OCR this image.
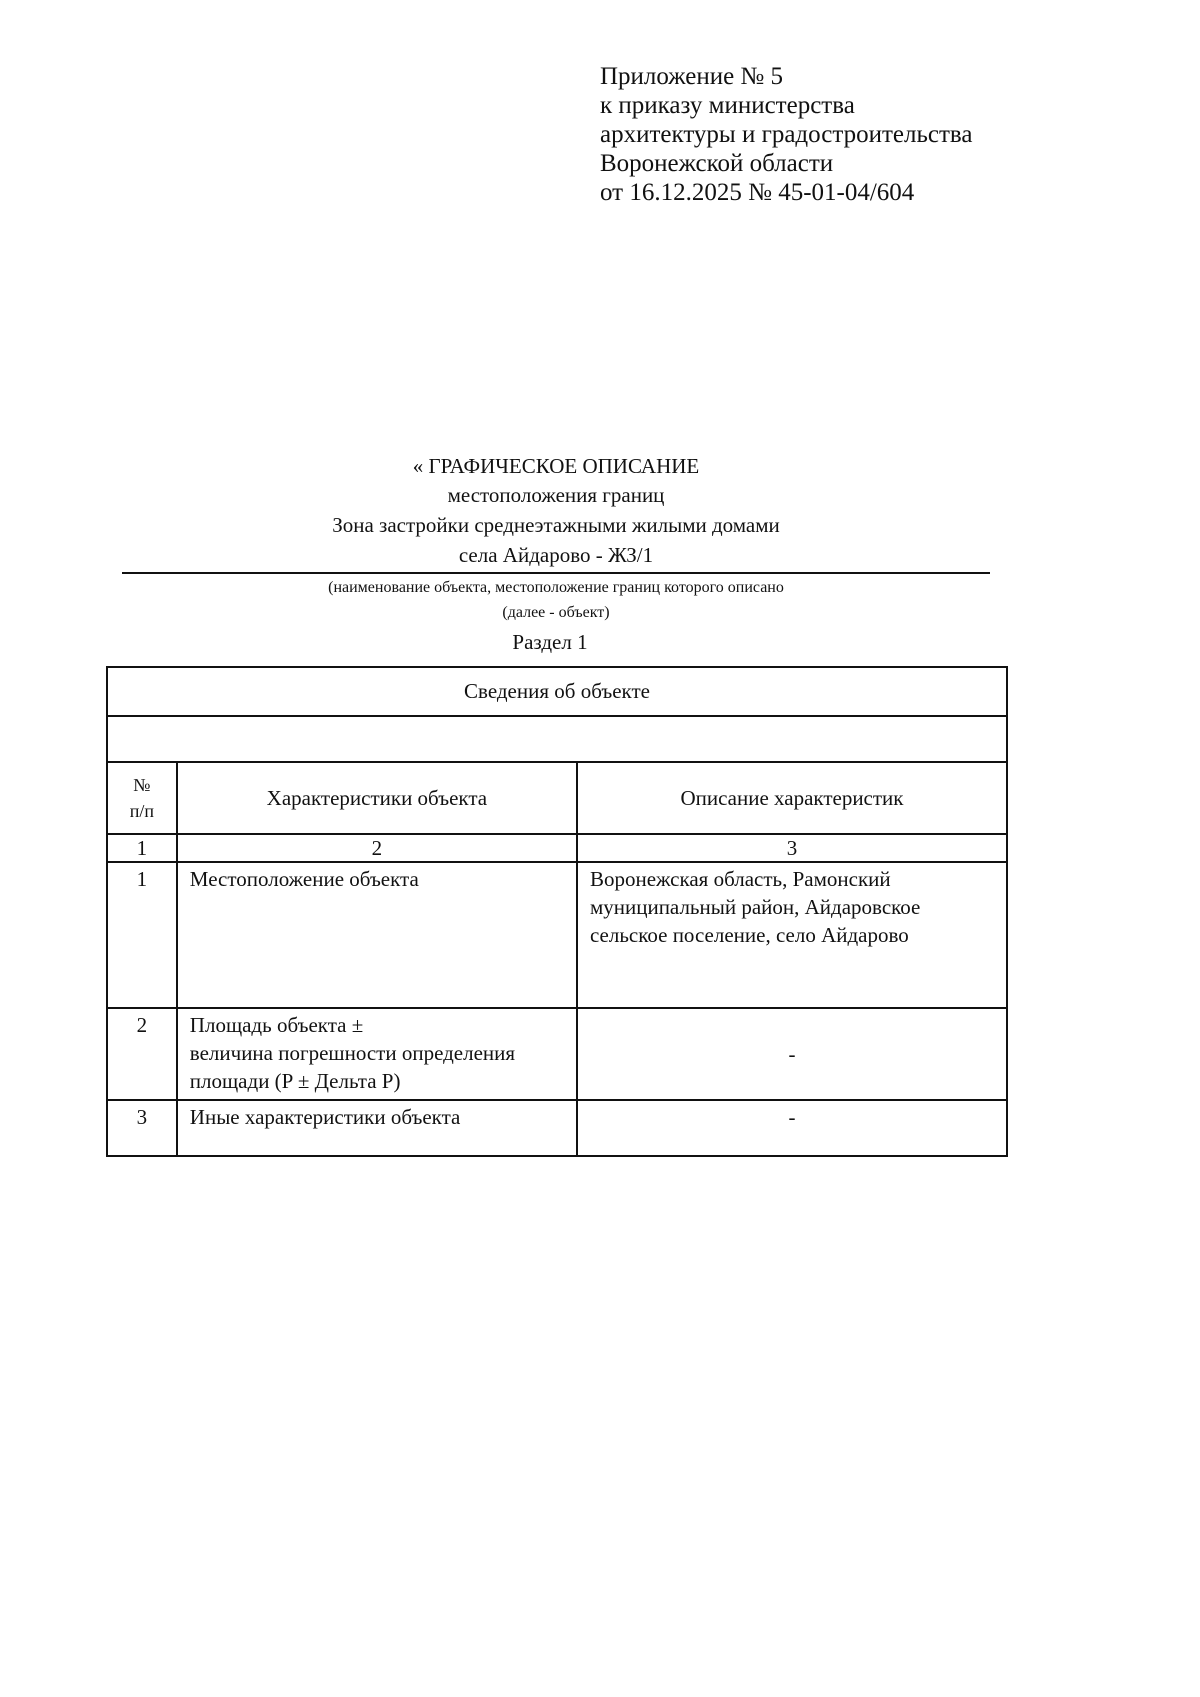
Приложение № 5
к приказу министерства
архитектуры и градостроительства
Воронежской области
от 16.12.2025 № 45-01-04/604
« ГРАФИЧЕСКОЕ ОПИСАНИЕ
местоположения границ
Зона застройки среднеэтажными жилыми домами
села Айдарово - ЖЗ/1
(наименование объекта, местоположение границ которого описано
(далее - объект)
Раздел 1
Сведения об объекте		

№
п/п	Характеристики объекта	Описание характеристик
1	2	3
1	Местоположение объекта	Воронежская область, Рамонский муниципальный район, Айдаровское сельское поселение, село Айдарово
2	Площадь объекта ±
величина погрешности определения
площади (P ± Дельта P)	-
3	Иные характеристики объекта	-
